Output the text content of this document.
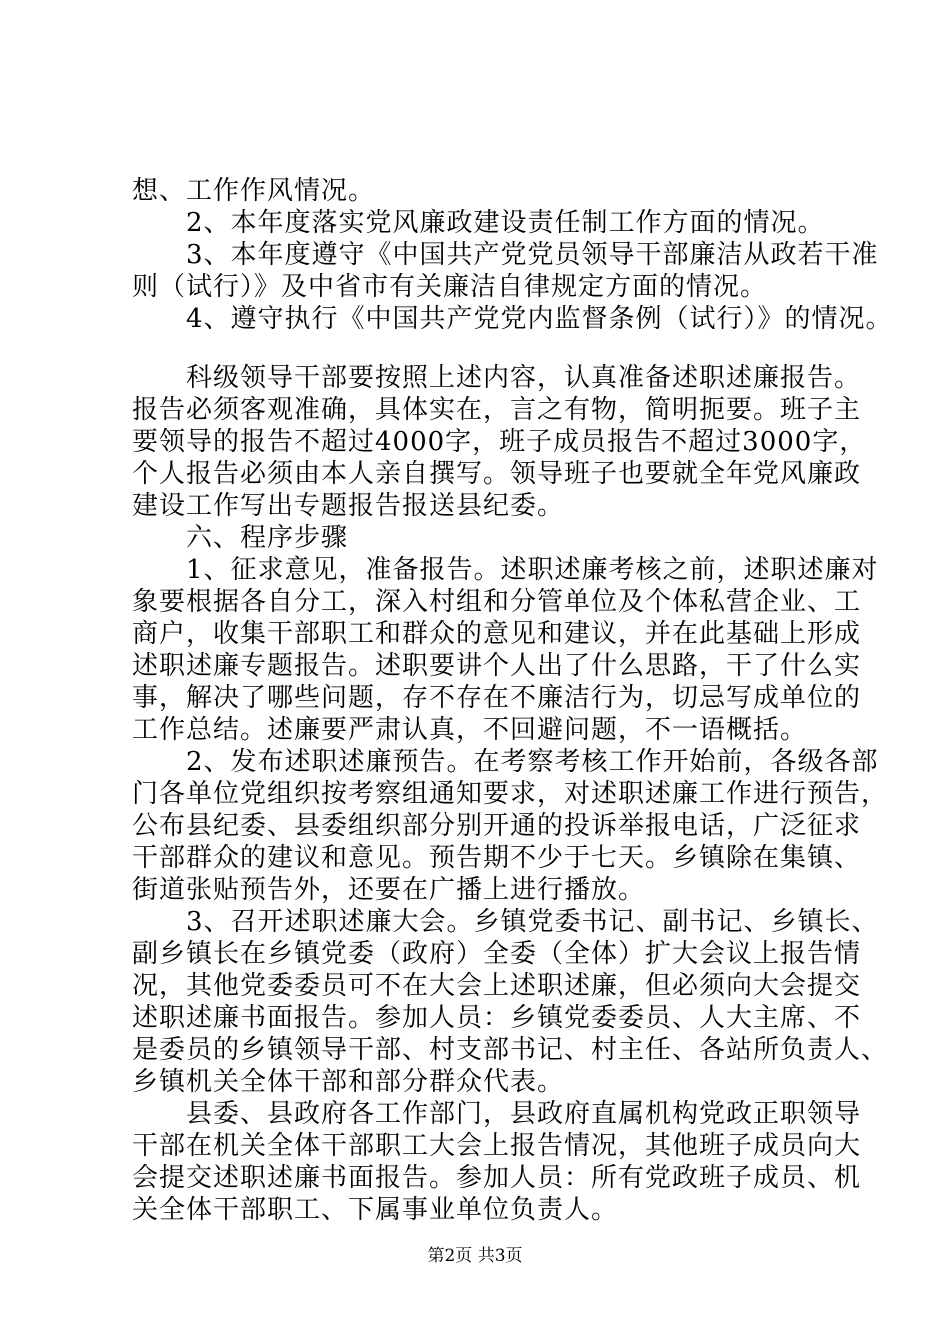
想、工作作风情况。
　　2、本年度落实党风廉政建设责任制工作方面的情况。
　　3、本年度遵守《中国共产党党员领导干部廉洁从政若干准
则（试行）》及中省市有关廉洁自律规定方面的情况。
　　4、遵守执行《中国共产党党内监督条例（试行）》的情况。
　　科级领导干部要按照上述内容，认真准备述职述廉报告。
报告必须客观准确，具体实在，言之有物，简明扼要。班子主
要领导的报告不超过4000字，班子成员报告不超过3000字，
个人报告必须由本人亲自撰写。领导班子也要就全年党风廉政
建设工作写出专题报告报送县纪委。
　　六、程序步骤
　　1、征求意见，准备报告。述职述廉考核之前，述职述廉对
象要根据各自分工，深入村组和分管单位及个体私营企业、工
商户，收集干部职工和群众的意见和建议，并在此基础上形成
述职述廉专题报告。述职要讲个人出了什么思路，干了什么实
事，解决了哪些问题，存不存在不廉洁行为，切忌写成单位的
工作总结。述廉要严肃认真，不回避问题，不一语概括。
　　2、发布述职述廉预告。在考察考核工作开始前，各级各部
门各单位党组织按考察组通知要求，对述职述廉工作进行预告，
公布县纪委、县委组织部分别开通的投诉举报电话，广泛征求
干部群众的建议和意见。预告期不少于七天。乡镇除在集镇、
街道张贴预告外，还要在广播上进行播放。
　　3、召开述职述廉大会。乡镇党委书记、副书记、乡镇长、
副乡镇长在乡镇党委（政府）全委（全体）扩大会议上报告情
况，其他党委委员可不在大会上述职述廉，但必须向大会提交
述职述廉书面报告。参加人员：乡镇党委委员、人大主席、不
是委员的乡镇领导干部、村支部书记、村主任、各站所负责人、
乡镇机关全体干部和部分群众代表。
　　县委、县政府各工作部门，县政府直属机构党政正职领导
干部在机关全体干部职工大会上报告情况，其他班子成员向大
会提交述职述廉书面报告。参加人员：所有党政班子成员、机
关全体干部职工、下属事业单位负责人。
第2页 共3页
